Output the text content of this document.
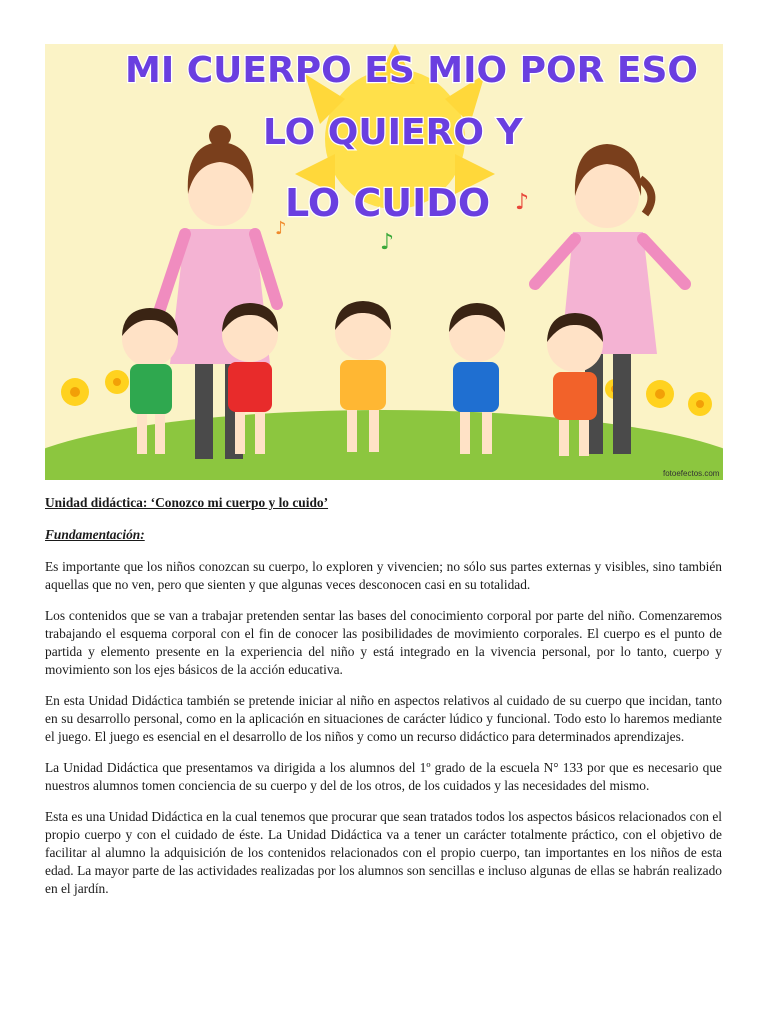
♪
♪
♪
MI CUERPO ES MIO POR ESO
LO QUIERO Y
LO CUIDO
fotoefectos.com
Unidad didáctica: ‘Conozco mi cuerpo y lo cuido’
Fundamentación:

Es importante que los niños conozcan su cuerpo, lo exploren y vivencien; no sólo sus partes externas y visibles, sino también aquellas que no ven, pero que sienten y que algunas veces desconocen casi en su totalidad.

Los contenidos que se van a trabajar pretenden sentar las bases del conocimiento corporal por parte del niño. Comenzaremos trabajando el esquema corporal con el fin de conocer las posibilidades de movimiento corporales. El cuerpo es el punto de partida y elemento presente en la experiencia del niño y está integrado en la vivencia personal, por lo tanto, cuerpo y movimiento son los ejes básicos de la acción educativa.

En esta Unidad Didáctica también se pretende iniciar al niño en aspectos relativos al cuidado de su cuerpo que incidan, tanto en su desarrollo personal, como en la aplicación en situaciones de carácter lúdico y funcional. Todo esto lo haremos mediante el juego. El juego es esencial en el desarrollo de los niños y como un recurso didáctico para determinados aprendizajes.

La Unidad Didáctica que presentamos va dirigida a los alumnos del 1º grado de la escuela N° 133 por que es necesario que nuestros alumnos tomen conciencia de su cuerpo y del de los otros, de los cuidados y las necesidades del mismo.

Esta es una Unidad Didáctica en la cual tenemos que procurar que sean tratados todos los aspectos básicos relacionados con el propio cuerpo y con el cuidado de éste. La Unidad Didáctica va a tener un carácter totalmente práctico, con el objetivo de facilitar al alumno la adquisición de los contenidos relacionados con el propio cuerpo, tan importantes en los niños de esta edad. La mayor parte de las actividades realizadas por los alumnos son sencillas e incluso algunas de ellas se habrán realizado en el jardín.
